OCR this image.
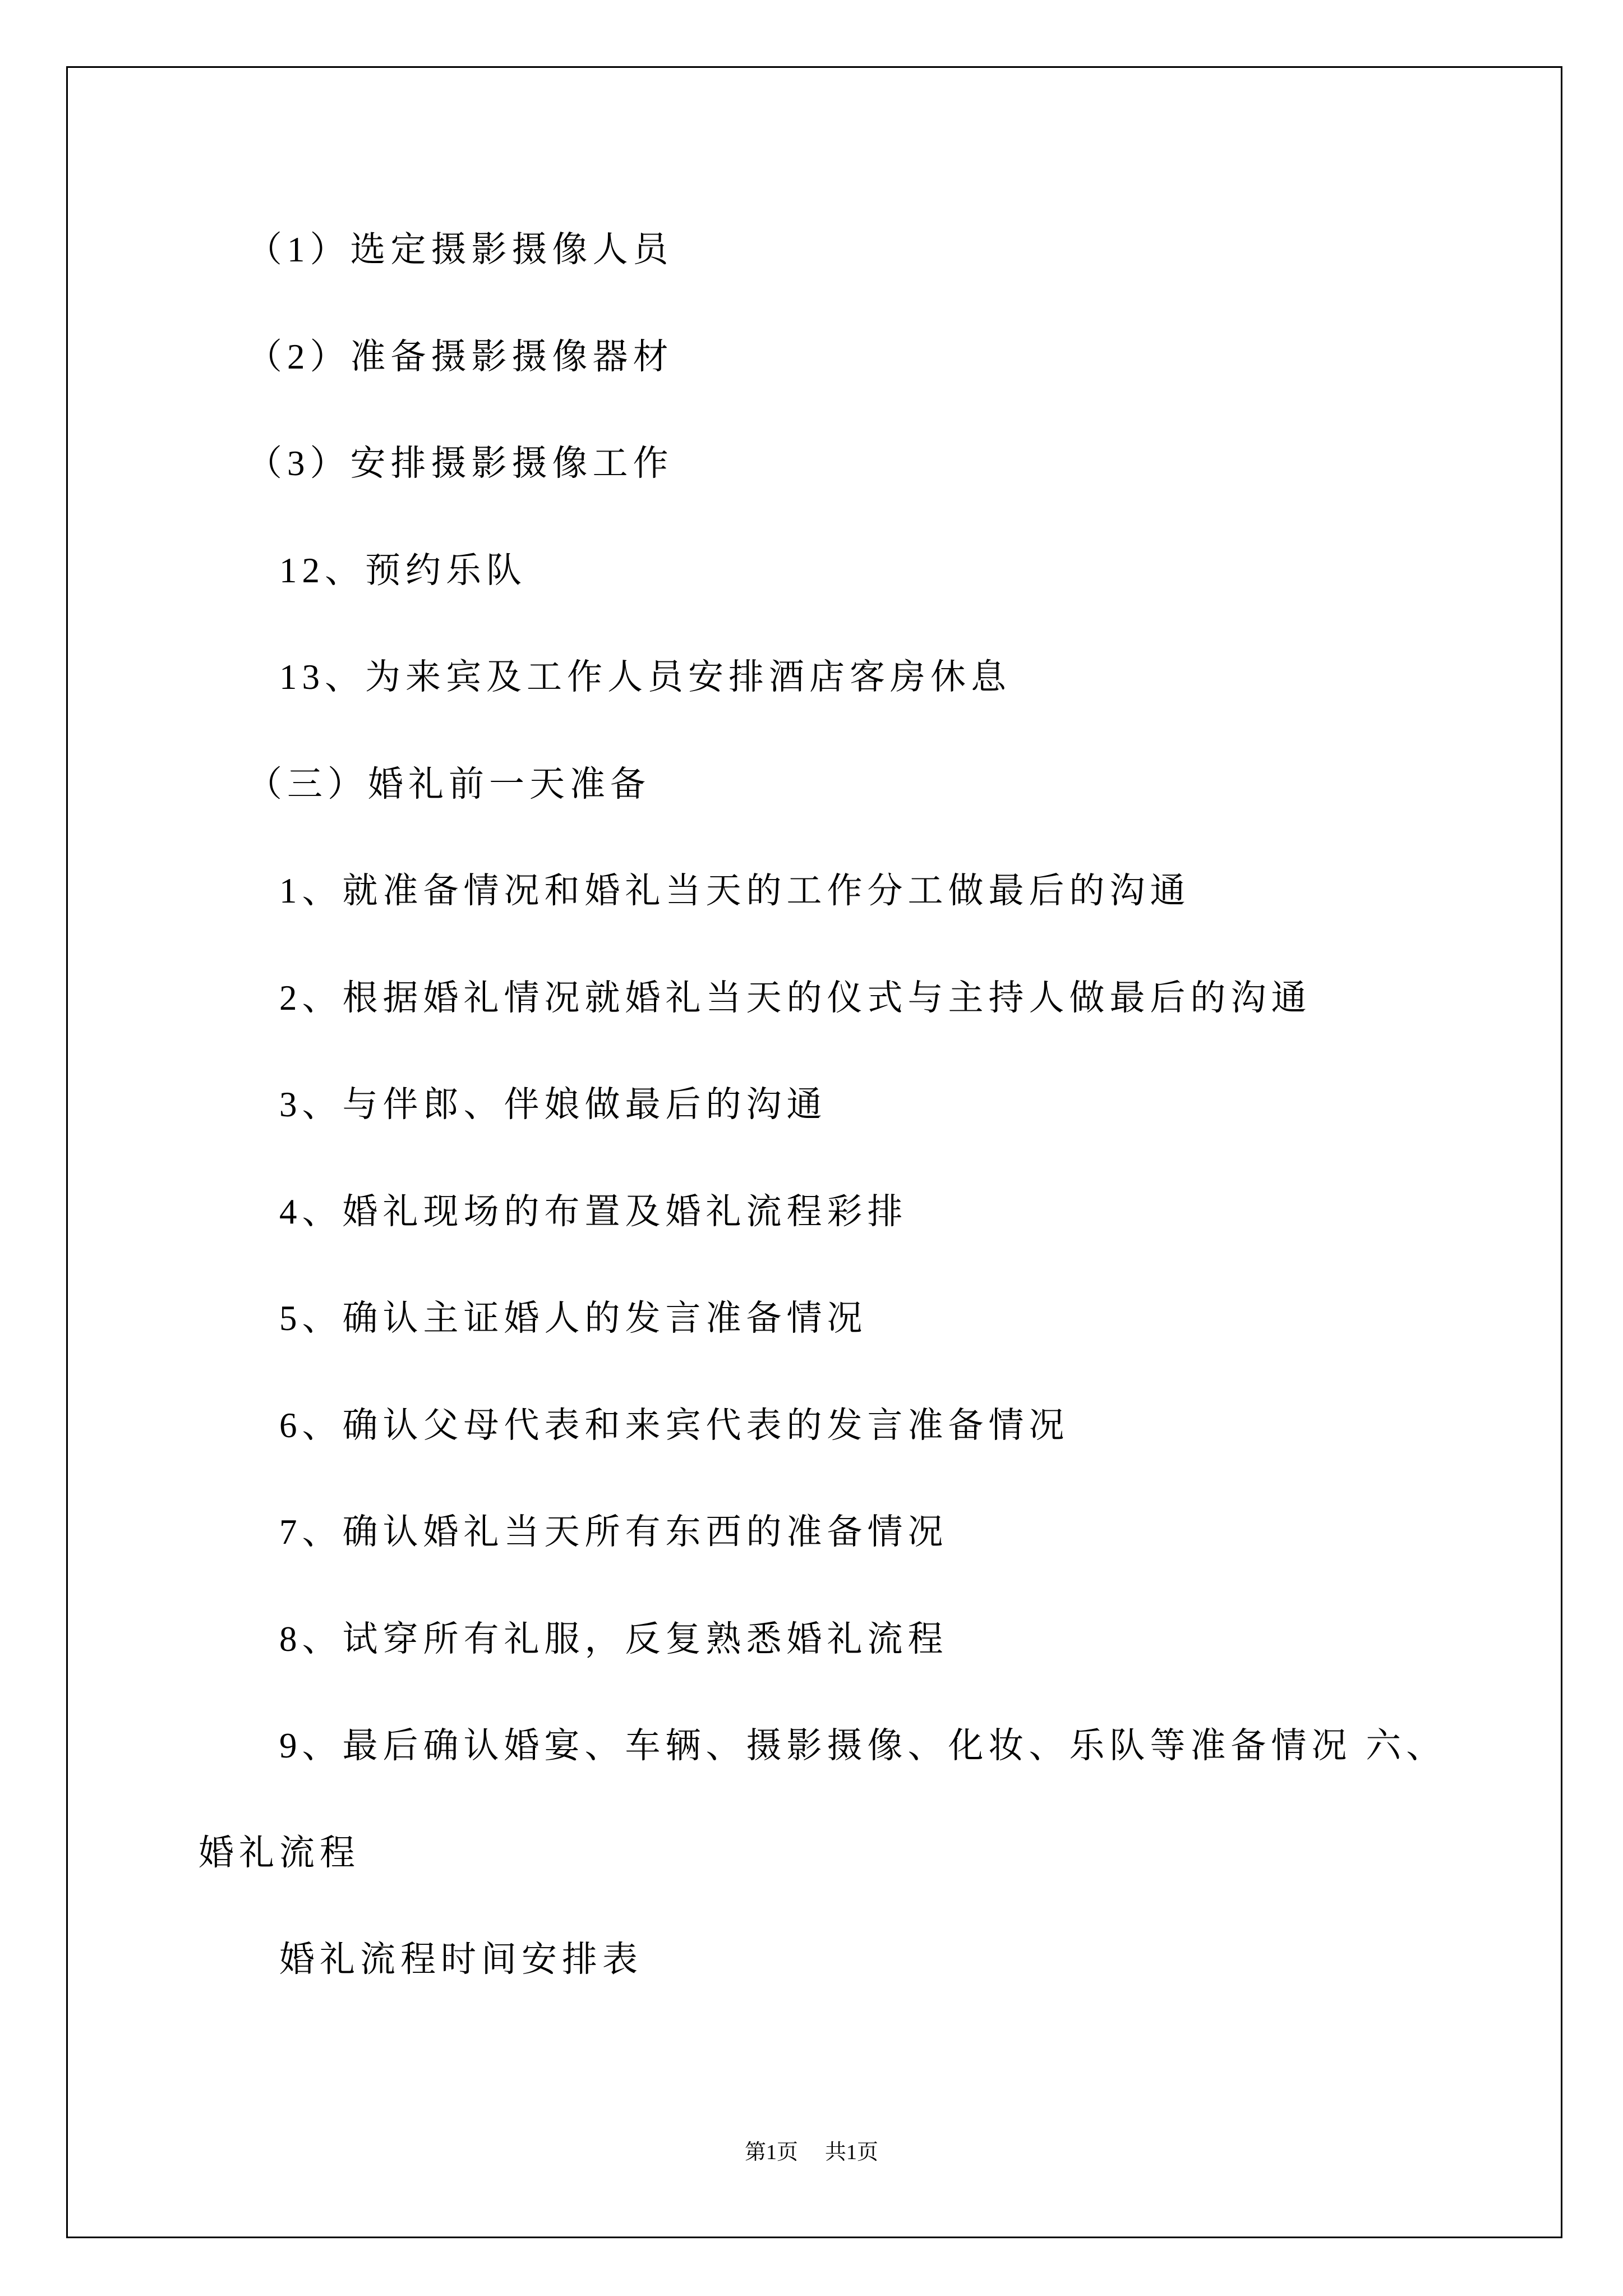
（1）选定摄影摄像人员
（2）准备摄影摄像器材
（3）安排摄影摄像工作
12、预约乐队
13、为来宾及工作人员安排酒店客房休息
（三）婚礼前一天准备
1、就准备情况和婚礼当天的工作分工做最后的沟通
2、根据婚礼情况就婚礼当天的仪式与主持人做最后的沟通
3、与伴郎、伴娘做最后的沟通
4、婚礼现场的布置及婚礼流程彩排
5、确认主证婚人的发言准备情况
6、确认父母代表和来宾代表的发言准备情况
7、确认婚礼当天所有东西的准备情况
8、试穿所有礼服，反复熟悉婚礼流程
9、最后确认婚宴、车辆、摄影摄像、化妆、乐队等准备情况 六、
婚礼流程
婚礼流程时间安排表
第1页 共1页
